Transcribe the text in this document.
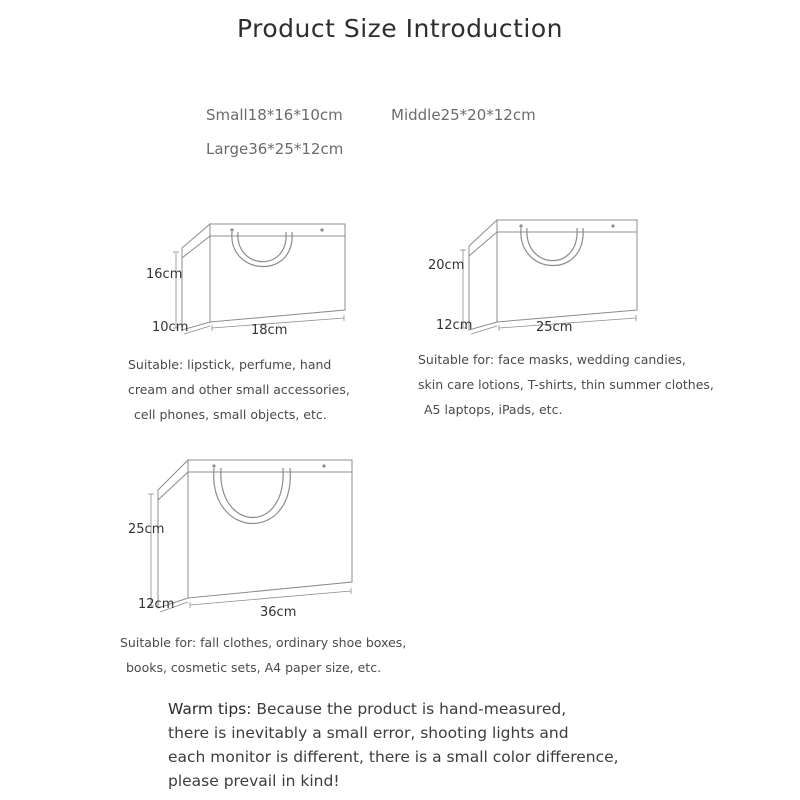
Product Size Introduction
Small18*16*10cm	Middle25*20*12cm
Large36*25*12cm
16cm
10cm	18cm
Suitable: lipstick, perfume, hand
cream and other small accessories,
cell phones, small objects, etc.
20cm
12cm	25cm
Suitable for: face masks, wedding candies,
skin care lotions, T-shirts, thin summer clothes,
A5 laptops, iPads, etc.
25cm
12cm
36cm
Suitable for: fall clothes, ordinary shoe boxes,
books, cosmetic sets, A4 paper size, etc.
Warm tips: Because the product is hand-measured,
there is inevitably a small error, shooting lights and
each monitor is different, there is a small color difference,
please prevail in kind!
